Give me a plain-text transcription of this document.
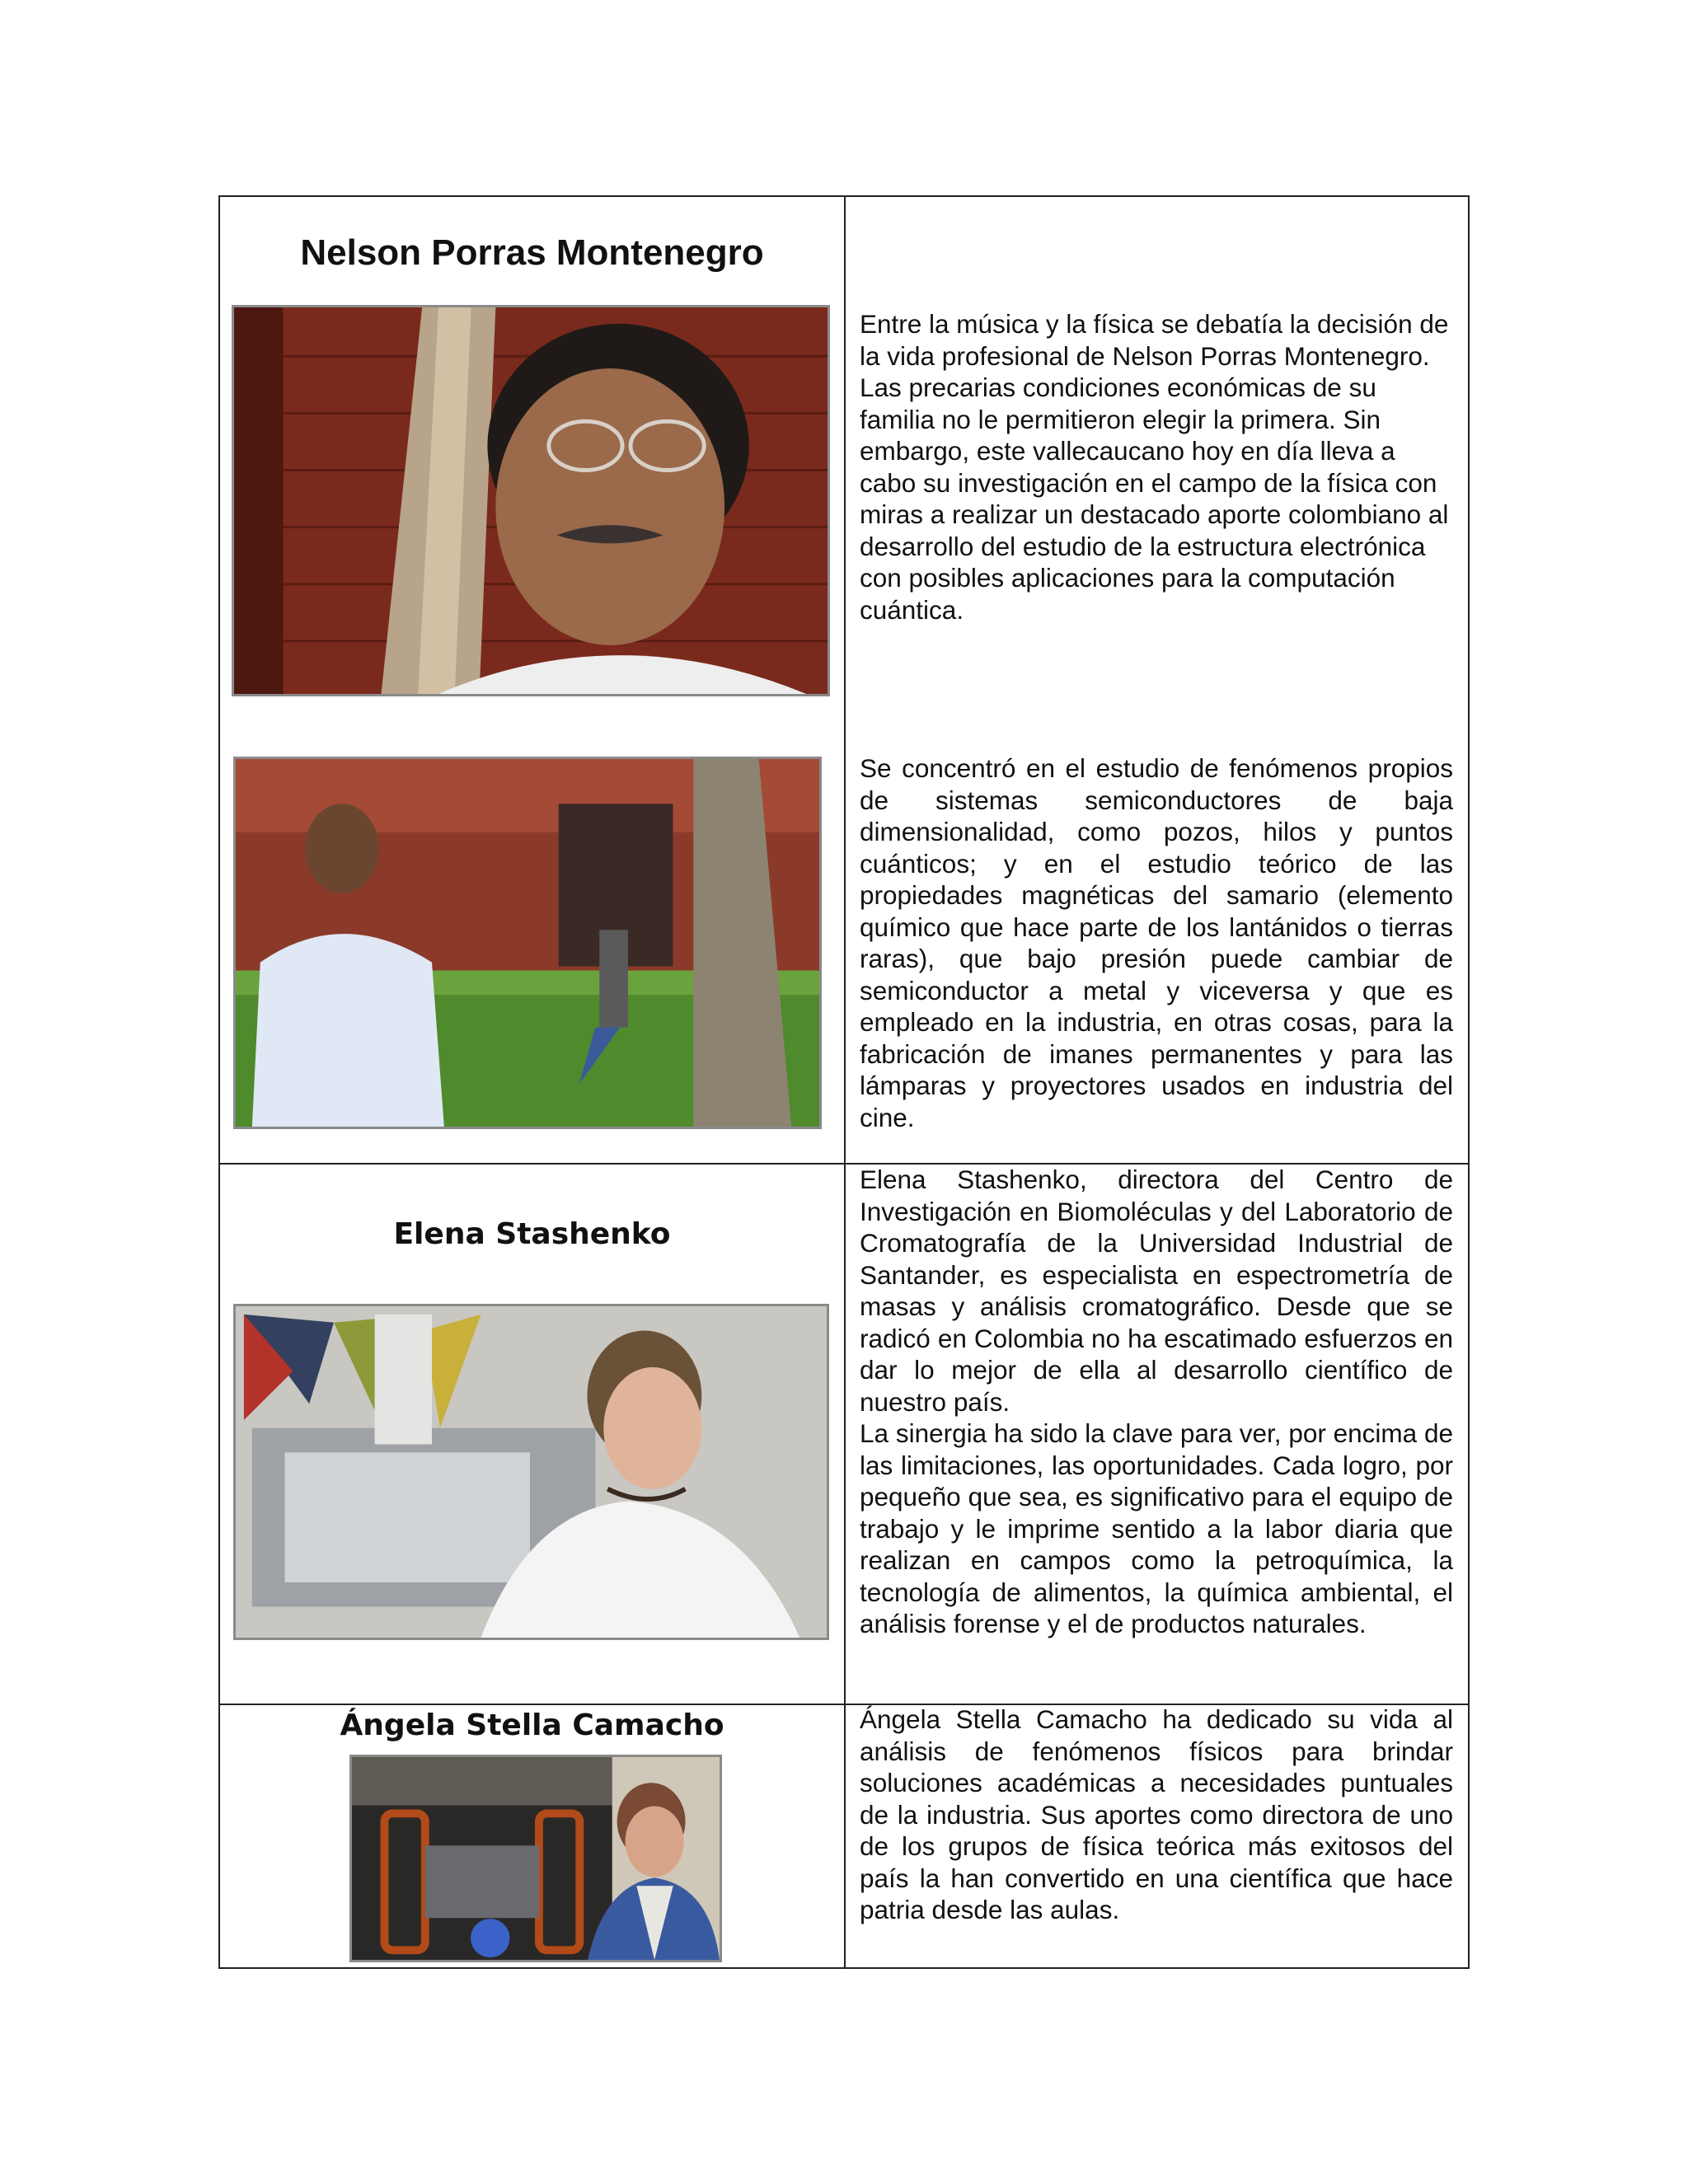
Nelson Porras Montenegro

Entre la música y la física se debatía la decisión de la vida profesional de Nelson Porras Montenegro. Las precarias condiciones económicas de su familia no le permitieron elegir la primera. Sin embargo, este vallecaucano hoy en día lleva a cabo su investigación en el campo de la física con miras a realizar un destacado aporte colombiano al desarrollo del estudio de la estructura electrónica con posibles aplicaciones para la computación cuántica.

Se concentró en el estudio de fenómenos propios de sistemas semiconductores de baja dimensionalidad, como pozos, hilos y puntos cuánticos; y en el estudio teórico de las propiedades magnéticas del samario (elemento químico que hace parte de los lantánidos o tierras raras), que bajo presión puede cambiar de semiconductor a metal y viceversa y que es empleado en la industria, en otras cosas, para la fabricación de imanes permanentes y para las lámparas y proyectores usados en industria del cine.

Elena Stashenko

Elena Stashenko, directora del Centro de Investigación en Biomoléculas y del Laboratorio de Cromatografía de la Universidad Industrial de Santander, es especialista en espectrometría de masas y análisis cromatográfico. Desde que se radicó en Colombia no ha escatimado esfuerzos en dar lo mejor de ella al desarrollo científico de nuestro país.

La sinergia ha sido la clave para ver, por encima de las limitaciones, las oportunidades. Cada logro, por pequeño que sea, es significativo para el equipo de trabajo y le imprime sentido a la labor diaria que realizan en campos como la petroquímica, la tecnología de alimentos, la química ambiental, el análisis forense y el de productos naturales.

Ángela Stella Camacho	Ángela Stella Camacho ha dedicado su vida al análisis de fenómenos físicos para brindar soluciones académicas a necesidades puntuales de la industria. Sus aportes como directora de uno de los grupos de física teórica más exitosos del país la han convertido en una científica que hace patria desde las aulas.
